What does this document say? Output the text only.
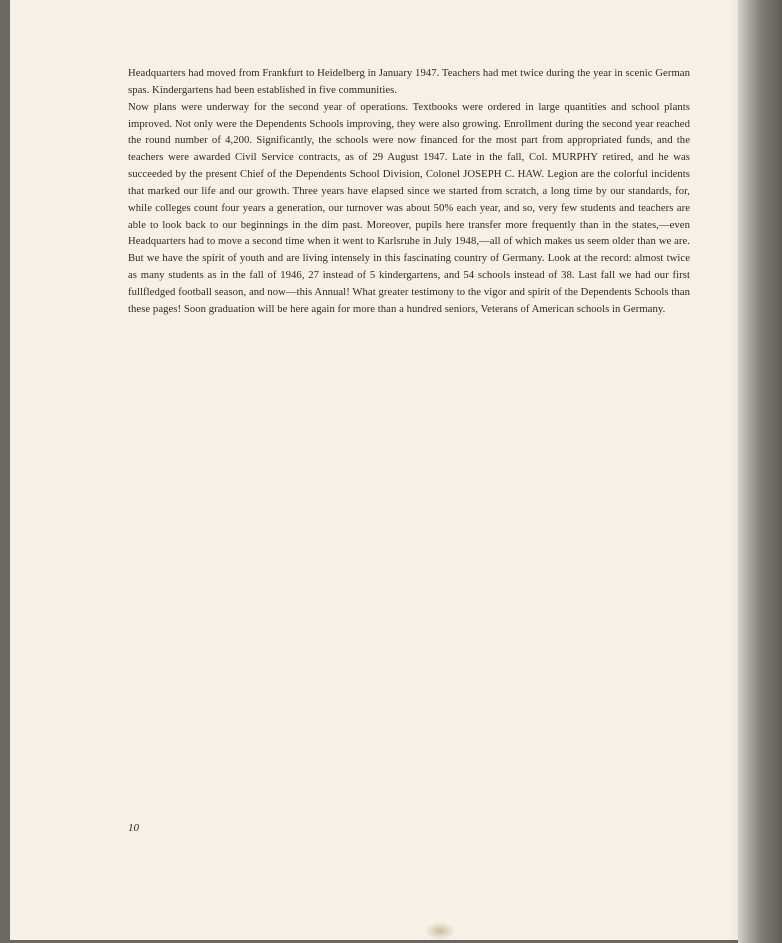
Headquarters had moved from Frankfurt to Heidelberg in January 1947. Teachers had met twice during the year in scenic German spas. Kindergartens had been established in five communities.
Now plans were underway for the second year of operations. Textbooks were ordered in large quantities and school plants improved. Not only were the Dependents Schools improving, they were also growing. Enrollment during the second year reached the round number of 4,200. Significantly, the schools were now financed for the most part from appropriated funds, and the teachers were awarded Civil Service contracts, as of 29 August 1947. Late in the fall, Col. MURPHY retired, and he was succeeded by the present Chief of the Dependents School Division, Colonel JOSEPH C. HAW. Legion are the colorful incidents that marked our life and our growth. Three years have elapsed since we started from scratch, a long time by our standards, for, while colleges count four years a generation, our turnover was about 50% each year, and so, very few students and teachers are able to look back to our beginnings in the dim past. Moreover, pupils here transfer more frequently than in the states,—even Headquarters had to move a second time when it went to Karlsruhe in July 1948,—all of which makes us seem older than we are. But we have the spirit of youth and are living intensely in this fascinating country of Germany. Look at the record: almost twice as many students as in the fall of 1946, 27 instead of 5 kindergartens, and 54 schools instead of 38. Last fall we had our first fullfledged football season, and now—this Annual! What greater testimony to the vigor and spirit of the Dependents Schools than these pages! Soon graduation will be here again for more than a hundred seniors, Veterans of American schools in Germany.

10
